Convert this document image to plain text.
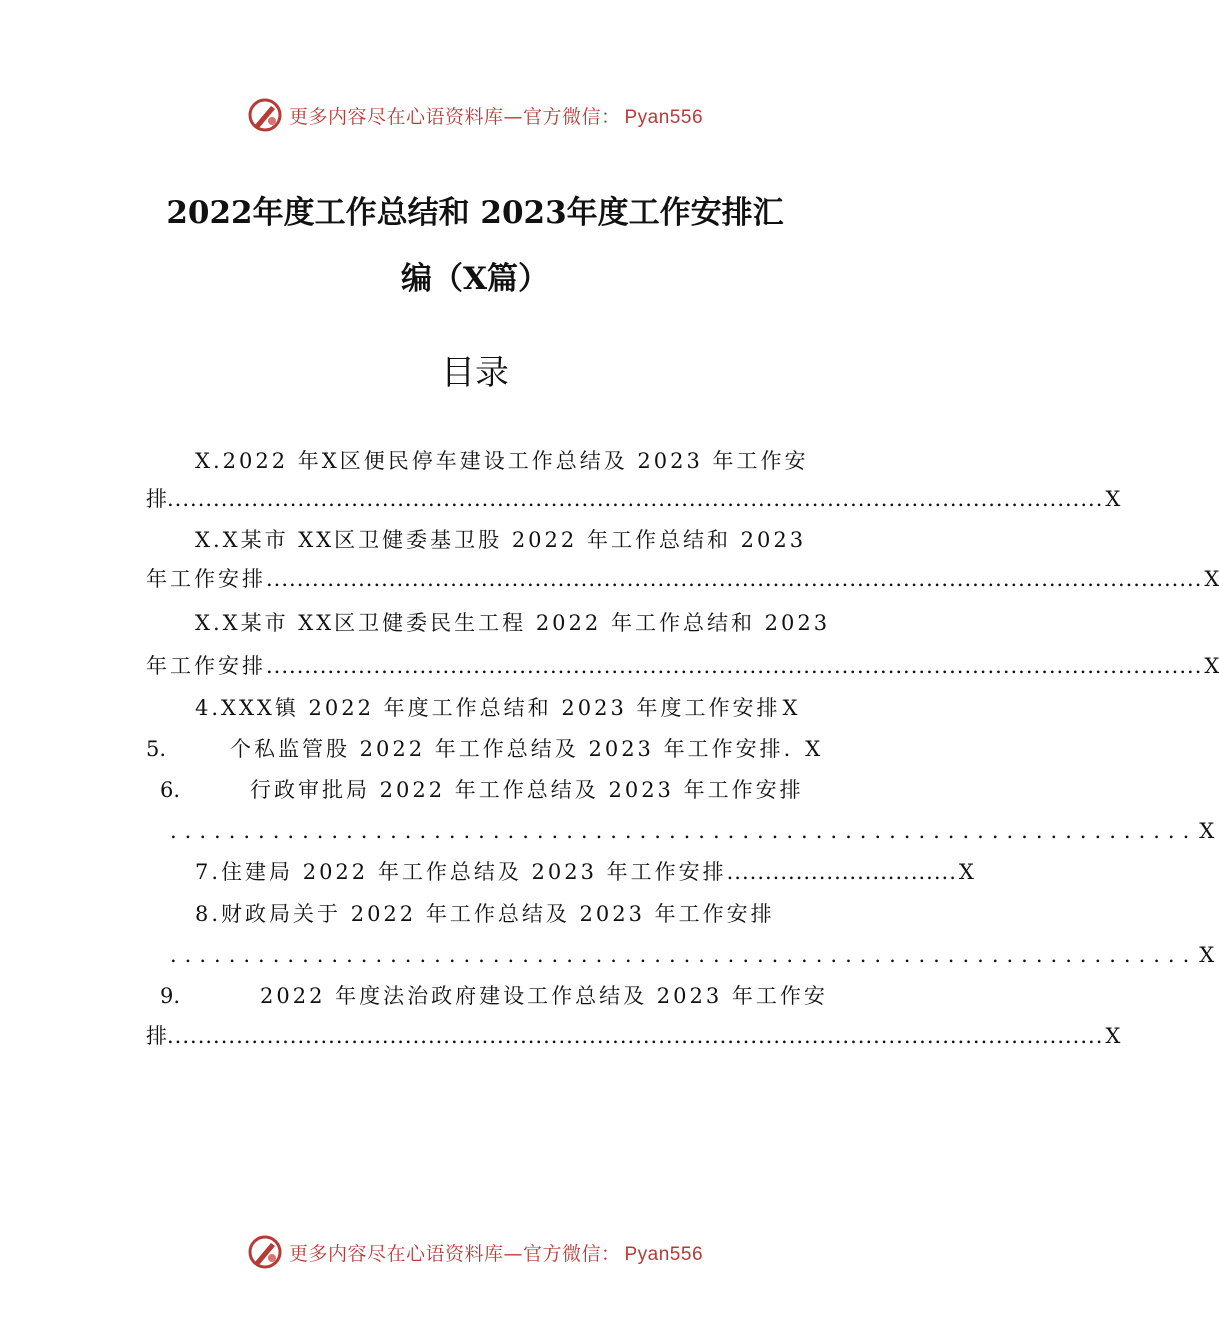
更多内容尽在心语资料库—官方微信： Pyan556
2022年度工作总结和 2023年度工作安排汇
编（X篇）
目录
X.2022 年X区便民停车建设工作总结及 2023 年工作安
排 .......................................................................................................................... X
X.X某市 XX区卫健委基卫股 2022 年工作总结和 2023
年工作安排 .......................................................................................................................... X
X.X某市 XX区卫健委民生工程 2022 年工作总结和 2023
年工作安排 .......................................................................................................................... X
4.XXX镇 2022 年度工作总结和 2023 年度工作安排 X
5.	个私监管股 2022 年工作总结及 2023 年工作安排. X
6.	行政审批局 2022 年工作总结及 2023 年工作安排
...................................................................... X
7.住建局 2022 年工作总结及 2023 年工作安排 .............................. X
8.财政局关于 2022 年工作总结及 2023 年工作安排
...................................................................... X
9.	2022 年度法治政府建设工作总结及 2023 年工作安
排 .......................................................................................................................... X
更多内容尽在心语资料库—官方微信： Pyan556
